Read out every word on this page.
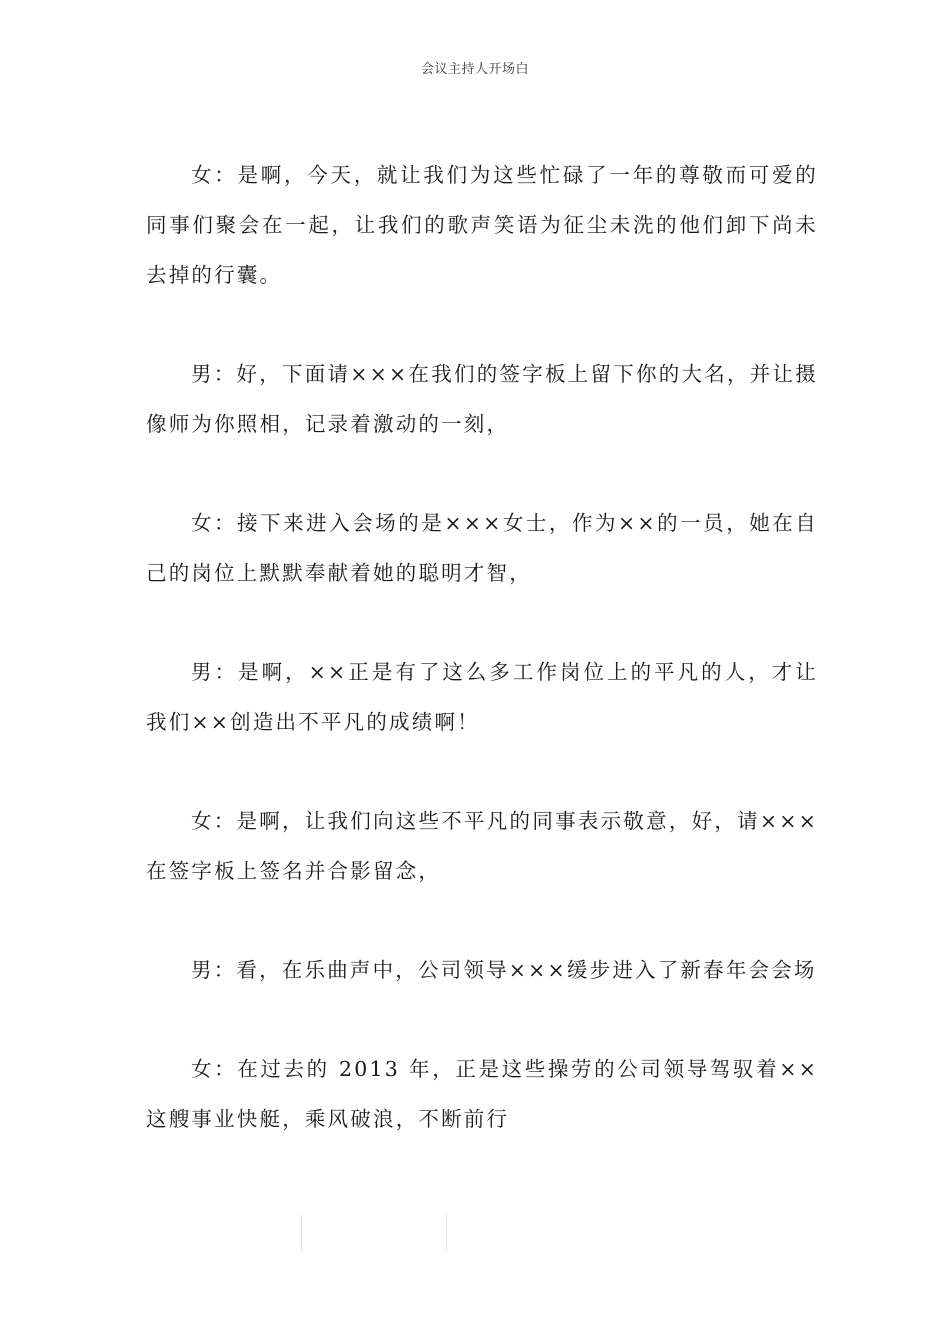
会议主持人开场白

女：是啊，今天，就让我们为这些忙碌了一年的尊敬而可爱的同事们聚会在一起，让我们的歌声笑语为征尘未洗的他们卸下尚未去掉的行囊。

男：好，下面请×××在我们的签字板上留下你的大名，并让摄像师为你照相，记录着激动的一刻，

女：接下来进入会场的是×××女士，作为××的一员，她在自己的岗位上默默奉献着她的聪明才智，

男：是啊，××正是有了这么多工作岗位上的平凡的人，才让我们××创造出不平凡的成绩啊！

女：是啊，让我们向这些不平凡的同事表示敬意，好，请×××在签字板上签名并合影留念，

男：看，在乐曲声中，公司领导×××缓步进入了新春年会会场

女：在过去的 2013 年，正是这些操劳的公司领导驾驭着××这艘事业快艇，乘风破浪，不断前行
